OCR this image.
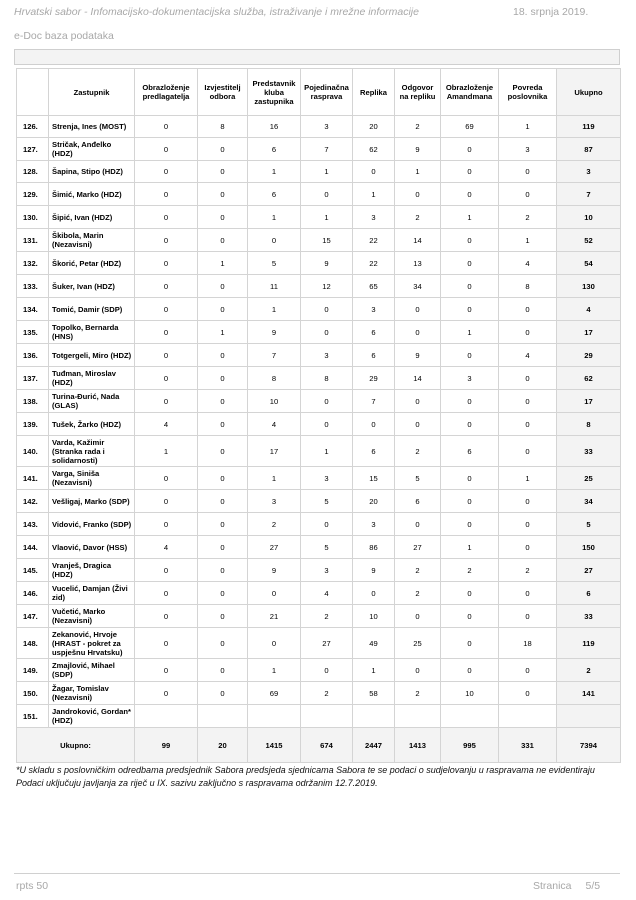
Hrvatski sabor - Infomacijsko-dokumentacijska služba, istraživanje i mrežne informacije	18. srpnja 2019.
e-Doc baza podataka
	Zastupnik	Obrazloženje predlagatelja	Izvjestitelj odbora	Predstavnik kluba zastupnika	Pojedinačna rasprava	Replika	Odgovor na repliku	Obrazloženje Amandmana	Povreda poslovnika	Ukupno
126.	Strenja, Ines (MOST)	0	8	16	3	20	2	69	1	119
127.	Stričak, Anđelko (HDZ)	0	0	6	7	62	9	0	3	87
128.	Šapina, Stipo (HDZ)	0	0	1	1	0	1	0	0	3
129.	Šimić, Marko (HDZ)	0	0	6	0	1	0	0	0	7
130.	Šipić, Ivan (HDZ)	0	0	1	1	3	2	1	2	10
131.	Škibola, Marin (Nezavisni)	0	0	0	15	22	14	0	1	52
132.	Škorić, Petar (HDZ)	0	1	5	9	22	13	0	4	54
133.	Šuker, Ivan (HDZ)	0	0	11	12	65	34	0	8	130
134.	Tomić, Damir (SDP)	0	0	1	0	3	0	0	0	4
135.	Topolko, Bernarda (HNS)	0	1	9	0	6	0	1	0	17
136.	Totgergeli, Miro (HDZ)	0	0	7	3	6	9	0	4	29
137.	Tuđman, Miroslav (HDZ)	0	0	8	8	29	14	3	0	62
138.	Turina-Đurić, Nada (GLAS)	0	0	10	0	7	0	0	0	17
139.	Tušek, Žarko (HDZ)	4	0	4	0	0	0	0	0	8
140.	Varda, Kažimir (Stranka rada i solidarnosti)	1	0	17	1	6	2	6	0	33
141.	Varga, Siniša (Nezavisni)	0	0	1	3	15	5	0	1	25
142.	Vešligaj, Marko (SDP)	0	0	3	5	20	6	0	0	34
143.	Vidović, Franko (SDP)	0	0	2	0	3	0	0	0	5
144.	Vlaović, Davor (HSS)	4	0	27	5	86	27	1	0	150
145.	Vranješ, Dragica (HDZ)	0	0	9	3	9	2	2	2	27
146.	Vucelić, Damjan (Živi zid)	0	0	0	4	0	2	0	0	6
147.	Vučetić, Marko (Nezavisni)	0	0	21	2	10	0	0	0	33
148.	Zekanović, Hrvoje (HRAST - pokret za uspješnu Hrvatsku)	0	0	0	27	49	25	0	18	119
149.	Zmajlović, Mihael (SDP)	0	0	1	0	1	0	0	0	2
150.	Žagar, Tomislav (Nezavisni)	0	0	69	2	58	2	10	0	141
151.	Jandroković, Gordan* (HDZ)									
Ukupno:		99	20	1415	674	2447	1413	995	331	7394
*U skladu s poslovničkim odredbama predsjednik Sabora predsjeda sjednicama Sabora te se podaci o sudjelovanju u raspravama ne evidentiraju
Podaci uključuju javljanja za riječ u IX. sazivu zaključno s raspravama održanim 12.7.2019.
rpts 50	Stranica 5/5
